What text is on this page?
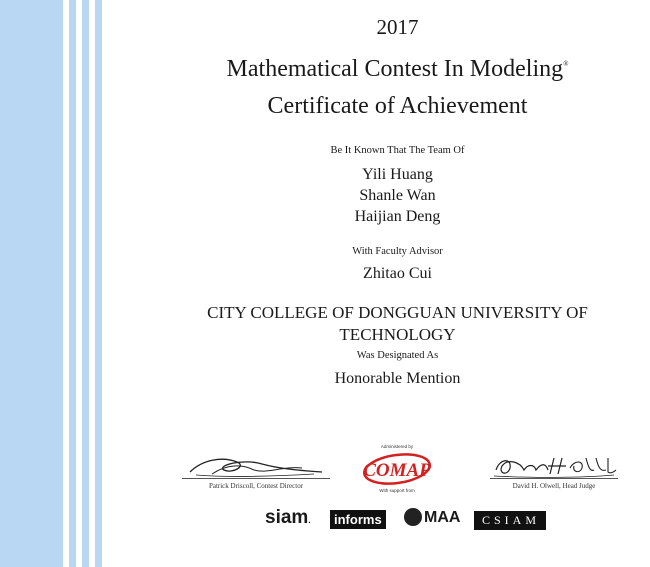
2017
Mathematical Contest In Modeling®
Certificate of Achievement
Be It Known That The Team Of
Yili Huang
Shanle Wan
Haijian Deng
With Faculty Advisor
Zhitao Cui
CITY COLLEGE OF DONGGUAN UNIVERSITY OF TECHNOLOGY
Was Designated As
Honorable Mention
Patrick Driscoll, Contest Director
Administered by
COMAP
With support from
David H. Olwell, Head Judge
siam.	informs	MAA	CSIAM
